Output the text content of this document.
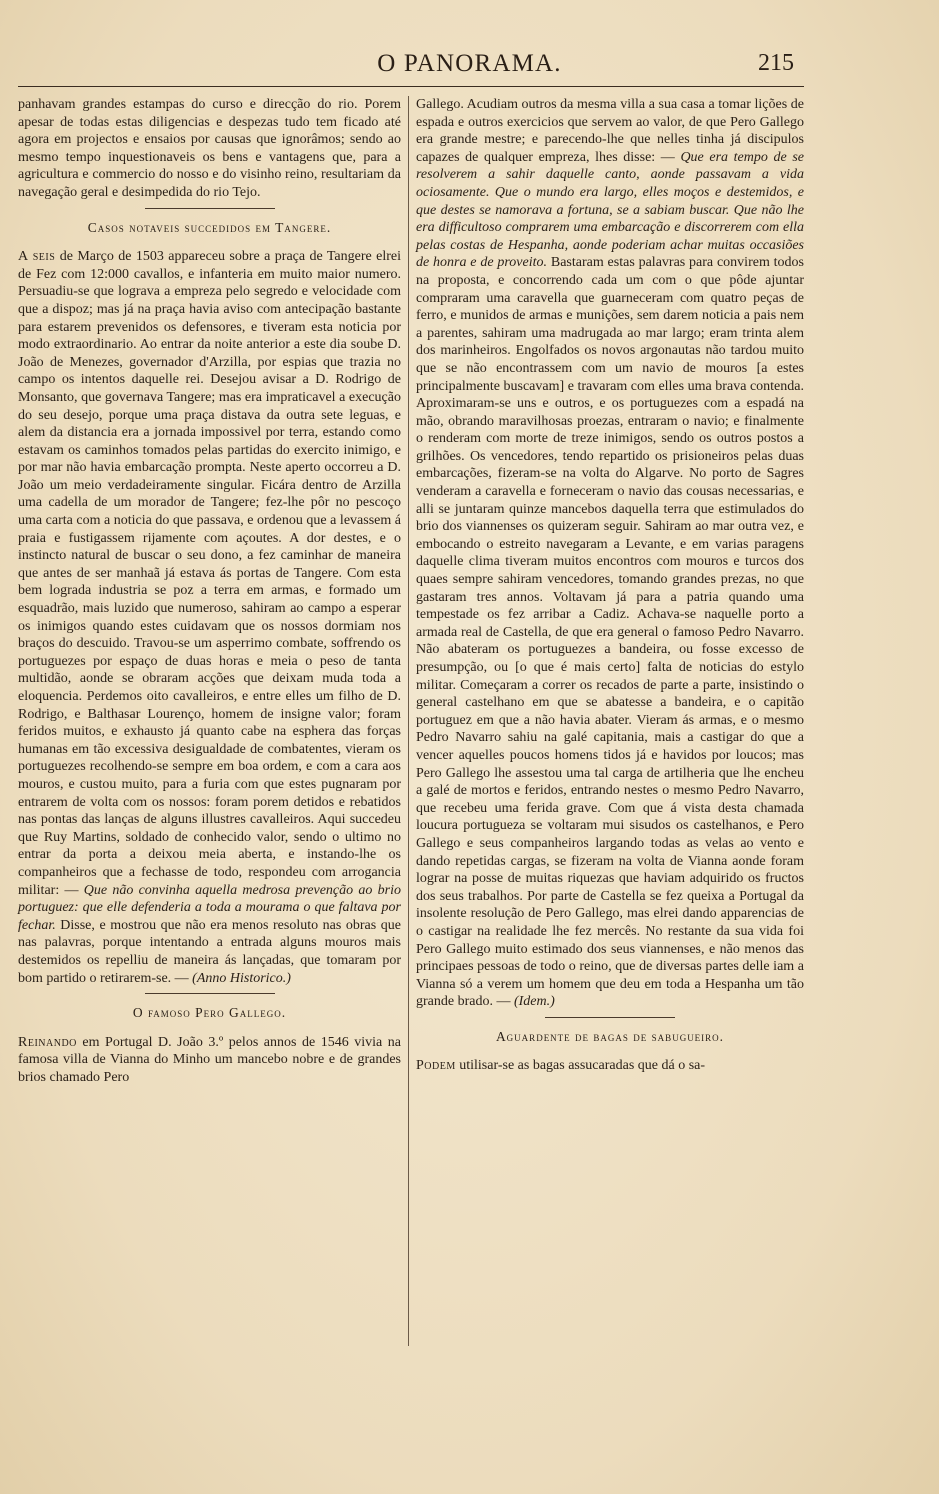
O PANORAMA.	215

panhavam grandes estampas do curso e direcção do rio. Porem apesar de todas estas diligencias e despezas tudo tem ficado até agora em projectos e ensaios por causas que ignorâmos; sendo ao mesmo tempo inquestionaveis os bens e vantagens que, para a agricultura e commercio do nosso e do visinho reino, resultariam da navegação geral e desimpedida do rio Tejo.

Casos notaveis succedidos em Tangere.

A seis de Março de 1503 appareceu sobre a praça de Tangere elrei de Fez com 12:000 cavallos, e infanteria em muito maior numero. Persuadiu-se que lograva a empreza pelo segredo e velocidade com que a dispoz; mas já na praça havia aviso com antecipação bastante para estarem prevenidos os defensores, e tiveram esta noticia por modo extraordinario. Ao entrar da noite anterior a este dia soube D. João de Menezes, governador d'Arzilla, por espias que trazia no campo os intentos daquelle rei. Desejou avisar a D. Rodrigo de Monsanto, que governava Tangere; mas era impraticavel a execução do seu desejo, porque uma praça distava da outra sete leguas, e alem da distancia era a jornada impossivel por terra, estando como estavam os caminhos tomados pelas partidas do exercito inimigo, e por mar não havia embarcação prompta. Neste aperto occorreu a D. João um meio verdadeiramente singular. Ficára dentro de Arzilla uma cadella de um morador de Tangere; fez-lhe pôr no pescoço uma carta com a noticia do que passava, e ordenou que a levassem á praia e fustigassem rijamente com açoutes. A dor destes, e o instincto natural de buscar o seu dono, a fez caminhar de maneira que antes de ser manhaã já estava ás portas de Tangere. Com esta bem lograda industria se poz a terra em armas, e formado um esquadrão, mais luzido que numeroso, sahiram ao campo a esperar os inimigos quando estes cuidavam que os nossos dormiam nos braços do descuido. Travou-se um asperrimo combate, soffrendo os portuguezes por espaço de duas horas e meia o peso de tanta multidão, aonde se obraram acções que deixam muda toda a eloquencia. Perdemos oito cavalleiros, e entre elles um filho de D. Rodrigo, e Balthasar Lourenço, homem de insigne valor; foram feridos muitos, e exhausto já quanto cabe na esphera das forças humanas em tão excessiva desigualdade de combatentes, vieram os portuguezes recolhendo-se sempre em boa ordem, e com a cara aos mouros, e custou muito, para a furia com que estes pugnaram por entrarem de volta com os nossos: foram porem detidos e rebatidos nas pontas das lanças de alguns illustres cavalleiros. Aqui succedeu que Ruy Martins, soldado de conhecido valor, sendo o ultimo no entrar da porta a deixou meia aberta, e instando-lhe os companheiros que a fechasse de todo, respondeu com arrogancia militar: — Que não convinha aquella medrosa prevenção ao brio portuguez: que elle defenderia a toda a mourama o que faltava por fechar. Disse, e mostrou que não era menos resoluto nas obras que nas palavras, porque intentando a entrada alguns mouros mais destemidos os repelliu de maneira ás lançadas, que tomaram por bom partido o retirarem-se. — (Anno Historico.)

O famoso Pero Gallego.

Reinando em Portugal D. João 3.º pelos annos de 1546 vivia na famosa villa de Vianna do Minho um mancebo nobre e de grandes brios chamado Pero

Gallego. Acudiam outros da mesma villa a sua casa a tomar lições de espada e outros exercicios que servem ao valor, de que Pero Gallego era grande mestre; e parecendo-lhe que nelles tinha já discipulos capazes de qualquer empreza, lhes disse: — Que era tempo de se resolverem a sahir daquelle canto, aonde passavam a vida ociosamente. Que o mundo era largo, elles moços e destemidos, e que destes se namorava a fortuna, se a sabiam buscar. Que não lhe era difficultoso comprarem uma embarcação e discorrerem com ella pelas costas de Hespanha, aonde poderiam achar muitas occasiões de honra e de proveito. Bastaram estas palavras para convirem todos na proposta, e concorrendo cada um com o que pôde ajuntar compraram uma caravella que guarneceram com quatro peças de ferro, e munidos de armas e munições, sem darem noticia a pais nem a parentes, sahiram uma madrugada ao mar largo; eram trinta alem dos marinheiros. Engolfados os novos argonautas não tardou muito que se não encontrassem com um navio de mouros [a estes principalmente buscavam] e travaram com elles uma brava contenda. Aproximaram-se uns e outros, e os portuguezes com a espadá na mão, obrando maravilhosas proezas, entraram o navio; e finalmente o renderam com morte de treze inimigos, sendo os outros postos a grilhões. Os vencedores, tendo repartido os prisioneiros pelas duas embarcações, fizeram-se na volta do Algarve. No porto de Sagres venderam a caravella e forneceram o navio das cousas necessarias, e alli se juntaram quinze mancebos daquella terra que estimulados do brio dos viannenses os quizeram seguir. Sahiram ao mar outra vez, e embocando o estreito navegaram a Levante, e em varias paragens daquelle clima tiveram muitos encontros com mouros e turcos dos quaes sempre sahiram vencedores, tomando grandes prezas, no que gastaram tres annos. Voltavam já para a patria quando uma tempestade os fez arribar a Cadiz. Achava-se naquelle porto a armada real de Castella, de que era general o famoso Pedro Navarro. Não abateram os portuguezes a bandeira, ou fosse excesso de presumpção, ou [o que é mais certo] falta de noticias do estylo militar. Começaram a correr os recados de parte a parte, insistindo o general castelhano em que se abatesse a bandeira, e o capitão portuguez em que a não havia abater. Vieram ás armas, e o mesmo Pedro Navarro sahiu na galé capitania, mais a castigar do que a vencer aquelles poucos homens tidos já e havidos por loucos; mas Pero Gallego lhe assestou uma tal carga de artilheria que lhe encheu a galé de mortos e feridos, entrando nestes o mesmo Pedro Navarro, que recebeu uma ferida grave. Com que á vista desta chamada loucura portugueza se voltaram mui sisudos os castelhanos, e Pero Gallego e seus companheiros largando todas as velas ao vento e dando repetidas cargas, se fizeram na volta de Vianna aonde foram lograr na posse de muitas riquezas que haviam adquirido os fructos dos seus trabalhos. Por parte de Castella se fez queixa a Portugal da insolente resolução de Pero Gallego, mas elrei dando apparencias de o castigar na realidade lhe fez mercês. No restante da sua vida foi Pero Gallego muito estimado dos seus viannenses, e não menos das principaes pessoas de todo o reino, que de diversas partes delle iam a Vianna só a verem um homem que deu em toda a Hespanha um tão grande brado. — (Idem.)

Aguardente de bagas de sabugueiro.

Podem utilisar-se as bagas assucaradas que dá o sa-
